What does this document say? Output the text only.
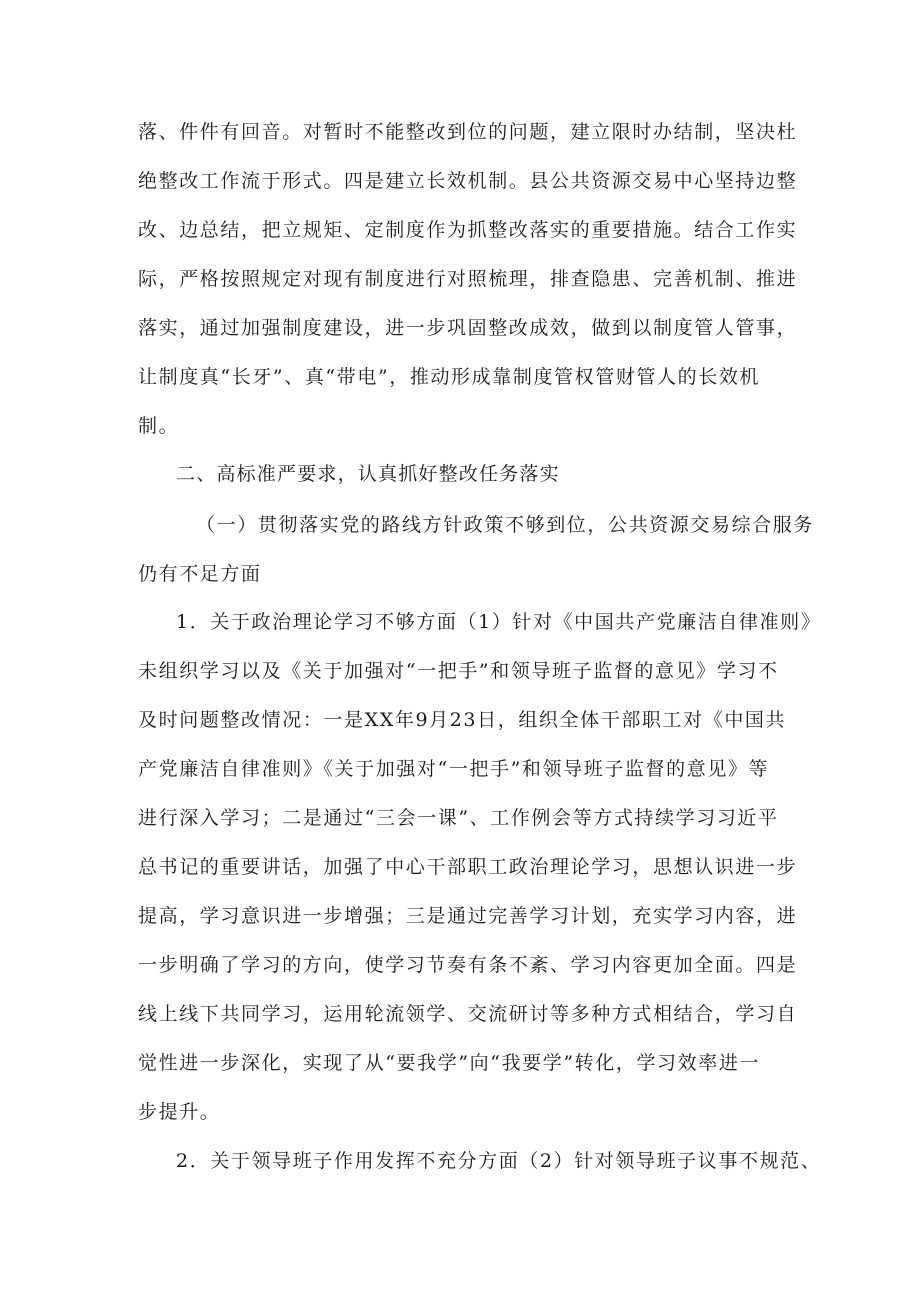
落、件件有回音。对暂时不能整改到位的问题，建立限时办结制，坚决杜
绝整改工作流于形式。四是建立长效机制。县公共资源交易中心坚持边整
改、边总结，把立规矩、定制度作为抓整改落实的重要措施。结合工作实
际，严格按照规定对现有制度进行对照梳理，排查隐患、完善机制、推进
落实，通过加强制度建设，进一步巩固整改成效，做到以制度管人管事，
让制度真“长牙”、真“带电”，推动形成靠制度管权管财管人的长效机
制。
二、高标准严要求，认真抓好整改任务落实
（一）贯彻落实党的路线方针政策不够到位，公共资源交易综合服务
仍有不足方面
1．关于政治理论学习不够方面（1）针对《中国共产党廉洁自律准则》
未组织学习以及《关于加强对“一把手”和领导班子监督的意见》学习不
及时问题整改情况：一是XX年9月23日，组织全体干部职工对《中国共
产党廉洁自律准则》《关于加强对“一把手”和领导班子监督的意见》等
进行深入学习；二是通过“三会一课”、工作例会等方式持续学习习近平
总书记的重要讲话，加强了中心干部职工政治理论学习，思想认识进一步
提高，学习意识进一步增强；三是通过完善学习计划，充实学习内容，进
一步明确了学习的方向，使学习节奏有条不紊、学习内容更加全面。四是
线上线下共同学习，运用轮流领学、交流研讨等多种方式相结合，学习自
觉性进一步深化，实现了从“要我学”向“我要学”转化，学习效率进一
步提升。
2．关于领导班子作用发挥不充分方面（2）针对领导班子议事不规范、
